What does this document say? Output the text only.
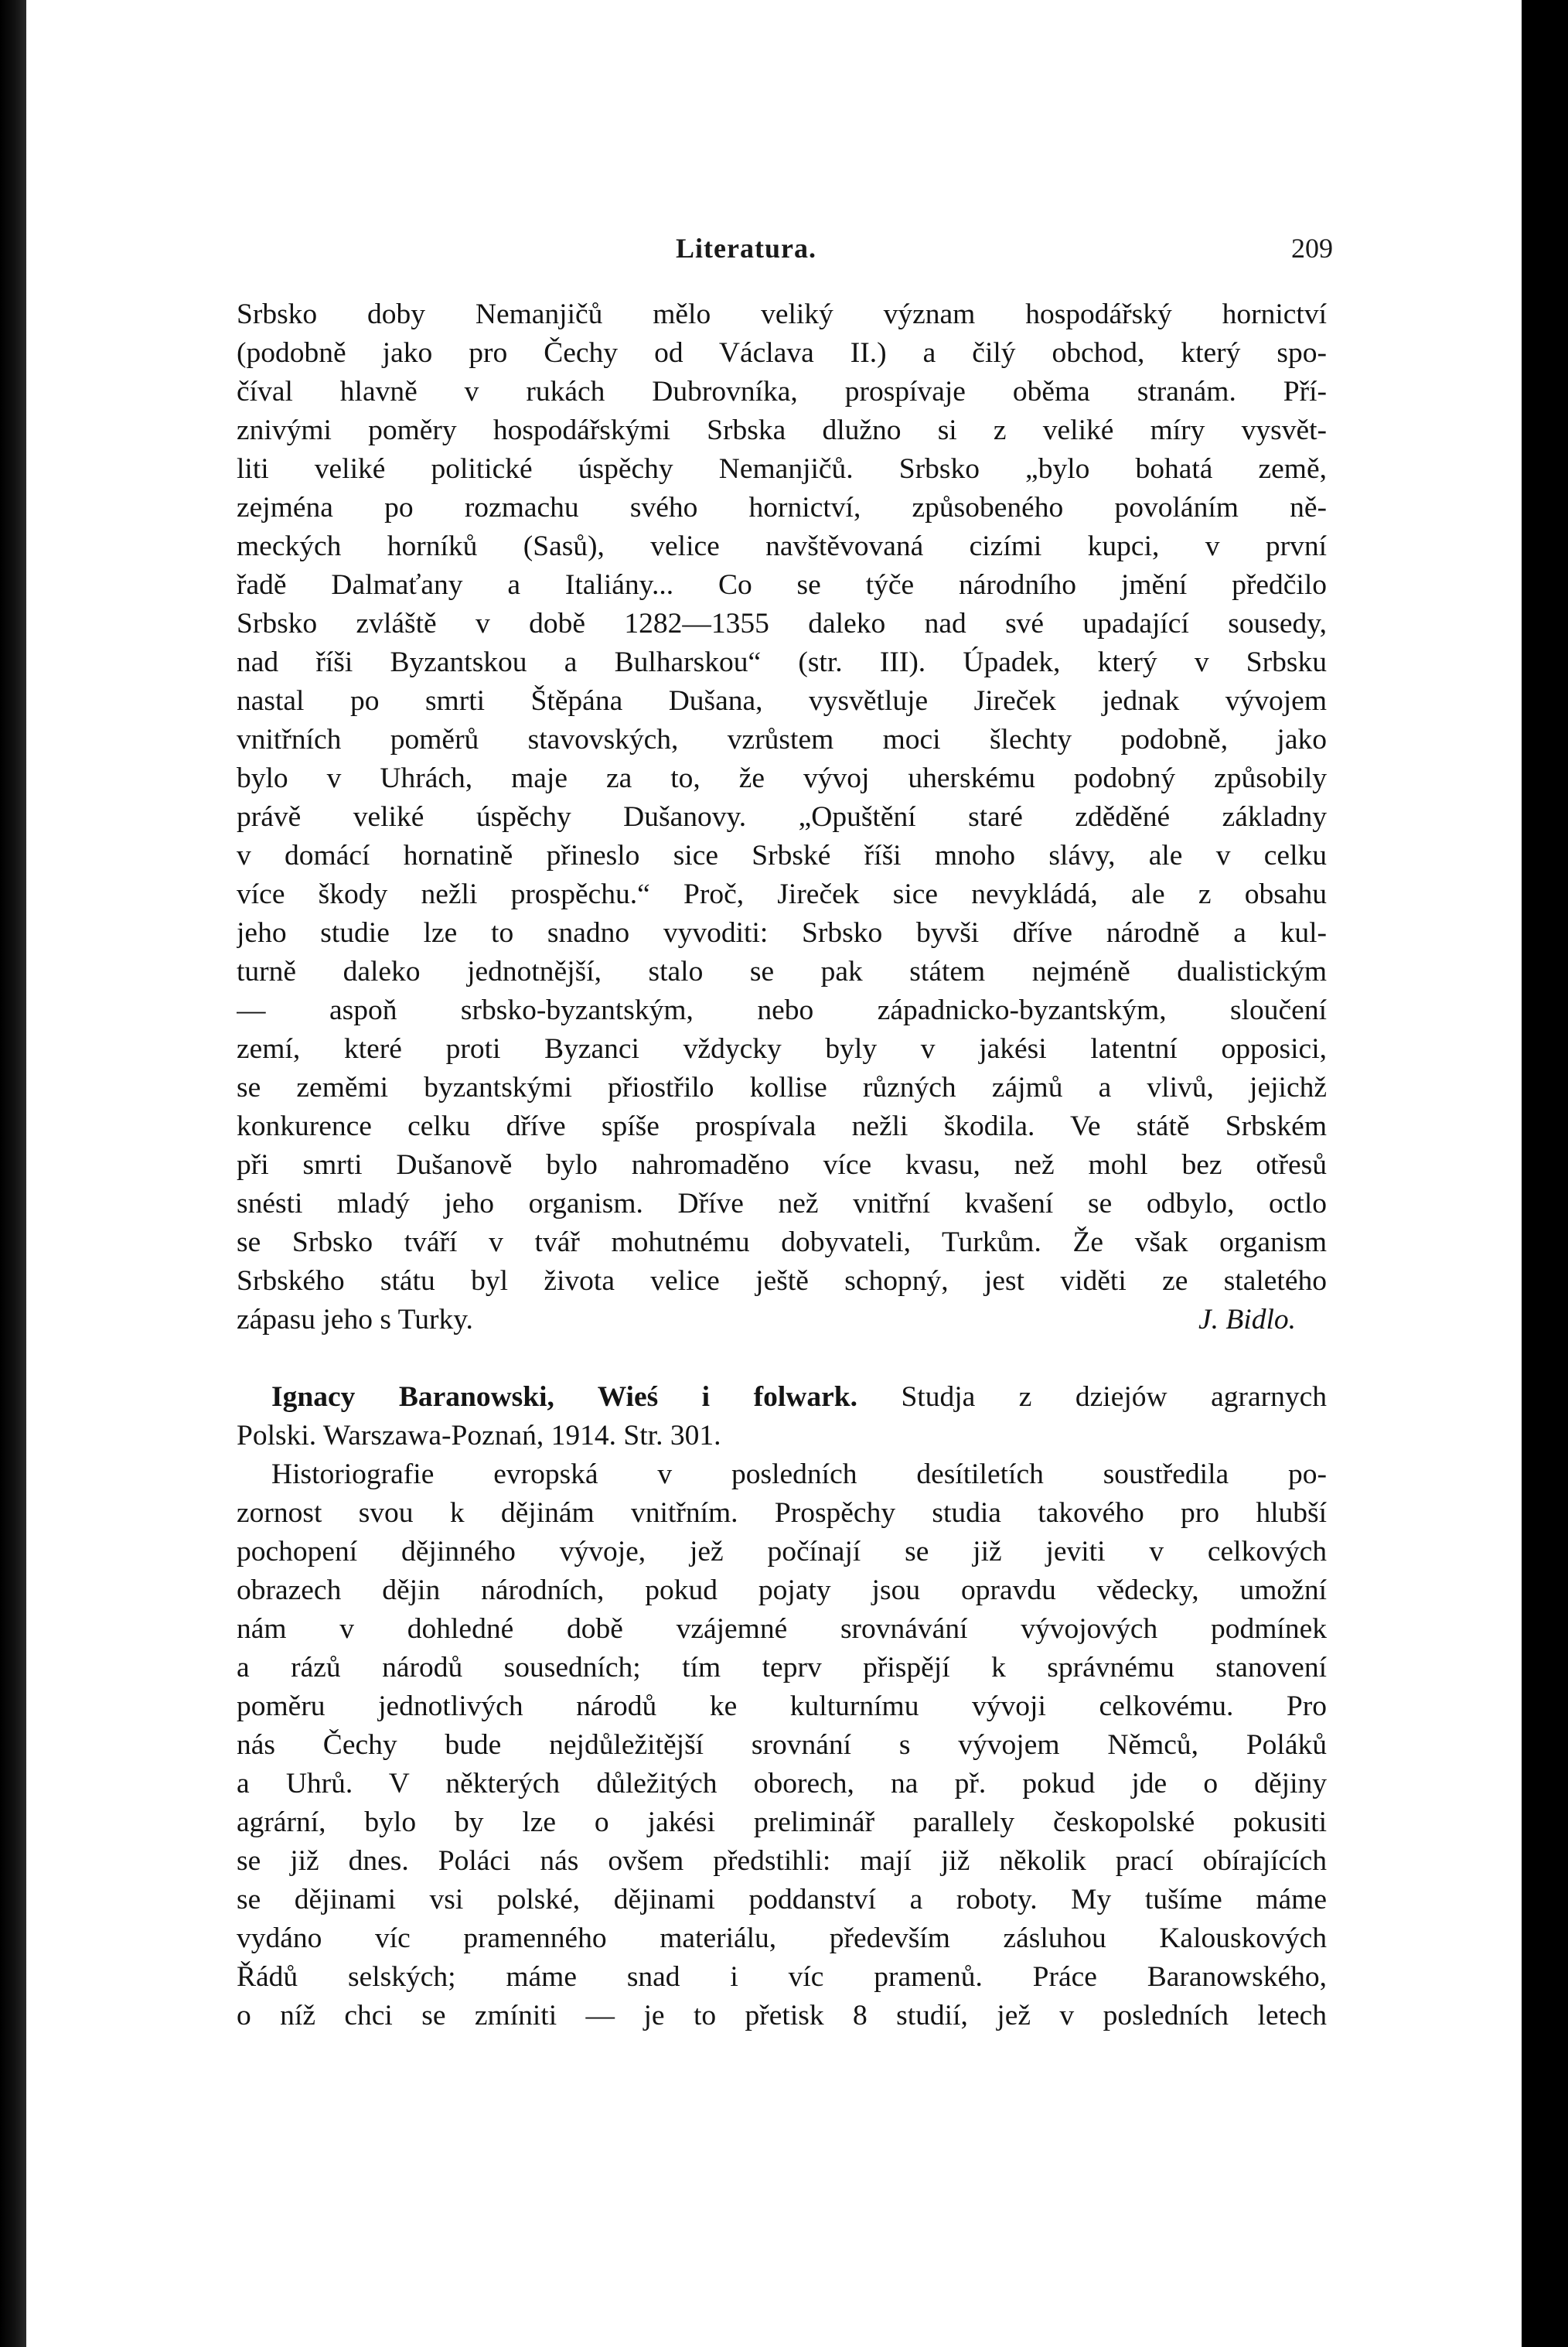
Literatura.	209
Srbsko doby Nemanjičů mělo veliký význam hospodářský hornictví
(podobně jako pro Čechy od Václava II.) a čilý obchod, který spo-
číval hlavně v rukách Dubrovníka, prospívaje oběma stranám. Pří-
znivými poměry hospodářskými Srbska dlužno si z veliké míry vysvět-
liti veliké politické úspěchy Nemanjičů. Srbsko „bylo bohatá země,
zejména po rozmachu svého hornictví, způsobeného povoláním ně-
meckých horníků (Sasů), velice navštěvovaná cizími kupci, v první
řadě Dalmaťany a Italiány... Co se týče národního jmění předčilo
Srbsko zvláště v době 1282—1355 daleko nad své upadající sousedy,
nad říši Byzantskou a Bulharskou“ (str. III). Úpadek, který v Srbsku
nastal po smrti Štěpána Dušana, vysvětluje Jireček jednak vývojem
vnitřních poměrů stavovských, vzrůstem moci šlechty podobně, jako
bylo v Uhrách, maje za to, že vývoj uherskému podobný způsobily
právě veliké úspěchy Dušanovy. „Opuštění staré zděděné základny
v domácí hornatině přineslo sice Srbské říši mnoho slávy, ale v celku
více škody nežli prospěchu.“ Proč, Jireček sice nevykládá, ale z obsahu
jeho studie lze to snadno vyvoditi: Srbsko byvši dříve národně a kul-
turně daleko jednotnější, stalo se pak státem nejméně dualistickým
— aspoň srbsko-byzantským, nebo západnicko-byzantským, sloučení
zemí, které proti Byzanci vždycky byly v jakési latentní opposici,
se zeměmi byzantskými přiostřilo kollise různých zájmů a vlivů, jejichž
konkurence celku dříve spíše prospívala nežli škodila. Ve státě Srbském
při smrti Dušanově bylo nahromaděno více kvasu, než mohl bez otřesů
snésti mladý jeho organism. Dříve než vnitřní kvašení se odbylo, octlo
se Srbsko tváří v tvář mohutnému dobyvateli, Turkům. Že však organism
Srbského státu byl života velice ještě schopný, jest viděti ze staletého
zápasu jeho s Turky.	J. Bidlo.
Ignacy Baranowski, Wieś i folwark. Studja z dziejów agrarnych
Polski. Warszawa-Poznań, 1914. Str. 301.
Historiografie evropská v posledních desítiletích soustředila po-
zornost svou k dějinám vnitřním. Prospěchy studia takového pro hlubší
pochopení dějinného vývoje, jež počínají se již jeviti v celkových
obrazech dějin národních, pokud pojaty jsou opravdu vědecky, umožní
nám v dohledné době vzájemné srovnávání vývojových podmínek
a rázů národů sousedních; tím teprv přispějí k správnému stanovení
poměru jednotlivých národů ke kulturnímu vývoji celkovému. Pro
nás Čechy bude nejdůležitější srovnání s vývojem Němců, Poláků
a Uhrů. V některých důležitých oborech, na př. pokud jde o dějiny
agrární, bylo by lze o jakési preliminář parallely českopolské pokusiti
se již dnes. Poláci nás ovšem předstihli: mají již několik prací obírajících
se dějinami vsi polské, dějinami poddanství a roboty. My tušíme máme
vydáno víc pramenného materiálu, především zásluhou Kalouskových
Řádů selských; máme snad i víc pramenů. Práce Baranowského,
o níž chci se zmíniti — je to přetisk 8 studií, jež v posledních letech
